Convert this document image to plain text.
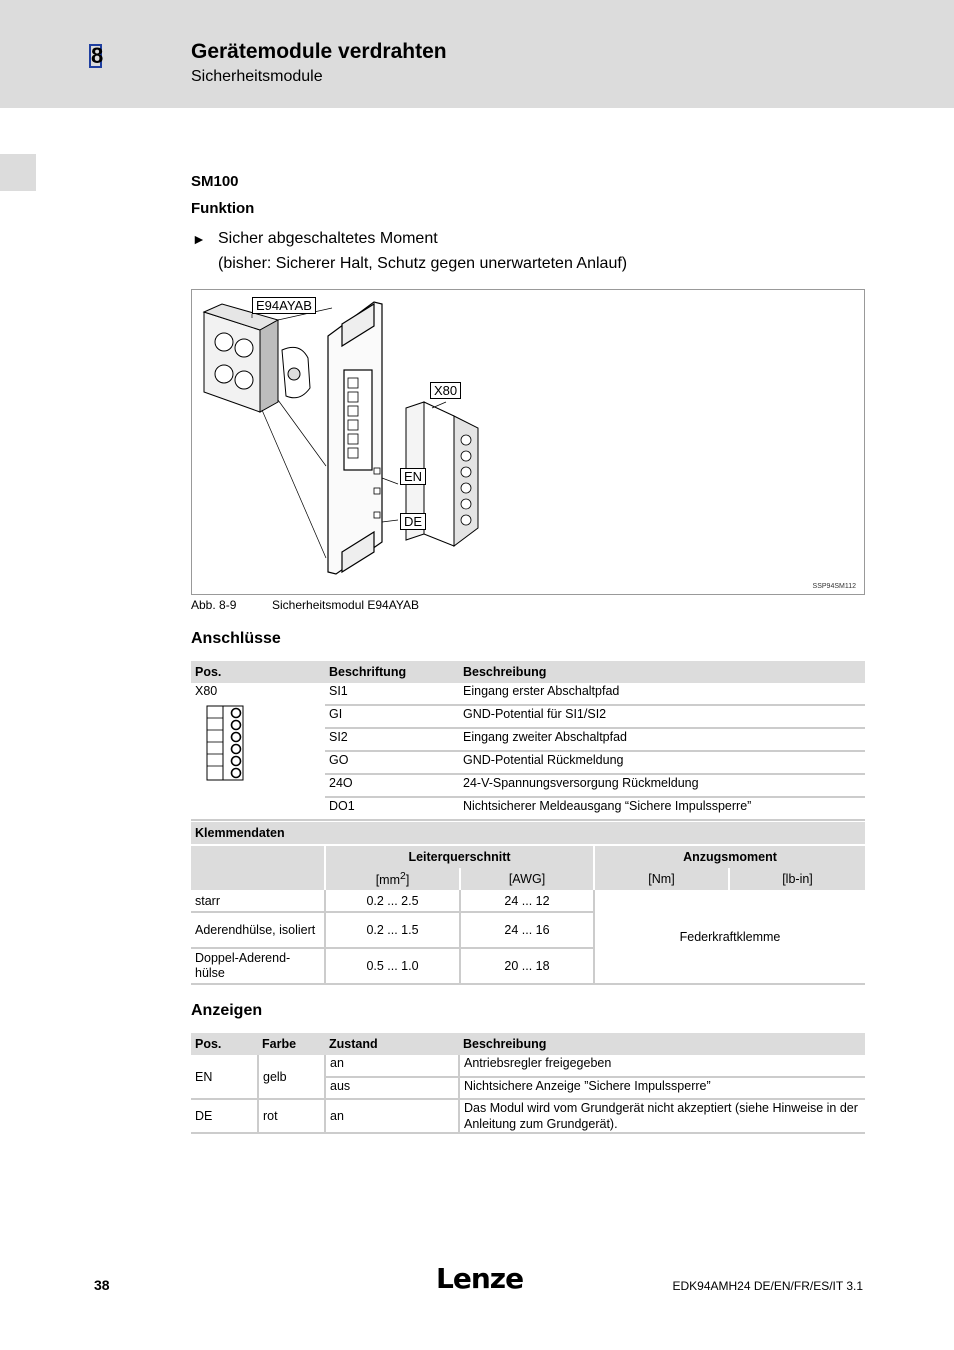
8	Gerätemodule verdrahten
Sicherheitsmodule
SM100
Funktion
► Sicher abgeschaltetes Moment
(bisher: Sicherer Halt, Schutz gegen unerwarteten Anlauf)
E94AYAB
X80
EN
DE
SSP94SM112
Abb. 8-9	Sicherheitsmodul E94AYAB
Anschlüsse
Pos.	Beschriftung	Beschreibung

X80	SI1	Eingang erster Abschaltpfad
	GI	GND-Potential für SI1/SI2
	SI2	Eingang zweiter Abschaltpfad
	GO	GND-Potential Rückmeldung
	24O	24-V-Spannungsversorgung Rückmeldung
	DO1	Nichtsicherer Meldeausgang “Sichere Impulssperre”
Klemmendaten				
	Leiterquerschnitt		Anzugsmoment	
	$[mm^2]$	[AWG]	[Nm]	[lb-in]
starr	0.2 ... 2.5	24 ... 12	Federkraftklemme	
Aderendhülse, isoliert	0.2 ... 1.5	24 ... 16		
Doppel-Aderend-hülse	0.5 ... 1.0	20 ... 18		
Anzeigen
Pos.	Farbe	Zustand	Beschreibung
EN	gelb	an	Antriebsregler freigegeben
		aus	Nichtsichere Anzeige ”Sichere Impulssperre”
DE	rot	an	Das Modul wird vom Grundgerät nicht akzeptiert (siehe Hinweise in der Anleitung zum Grundgerät).
38	Lenze	EDK94AMH24 DE/EN/FR/ES/IT 3.1
